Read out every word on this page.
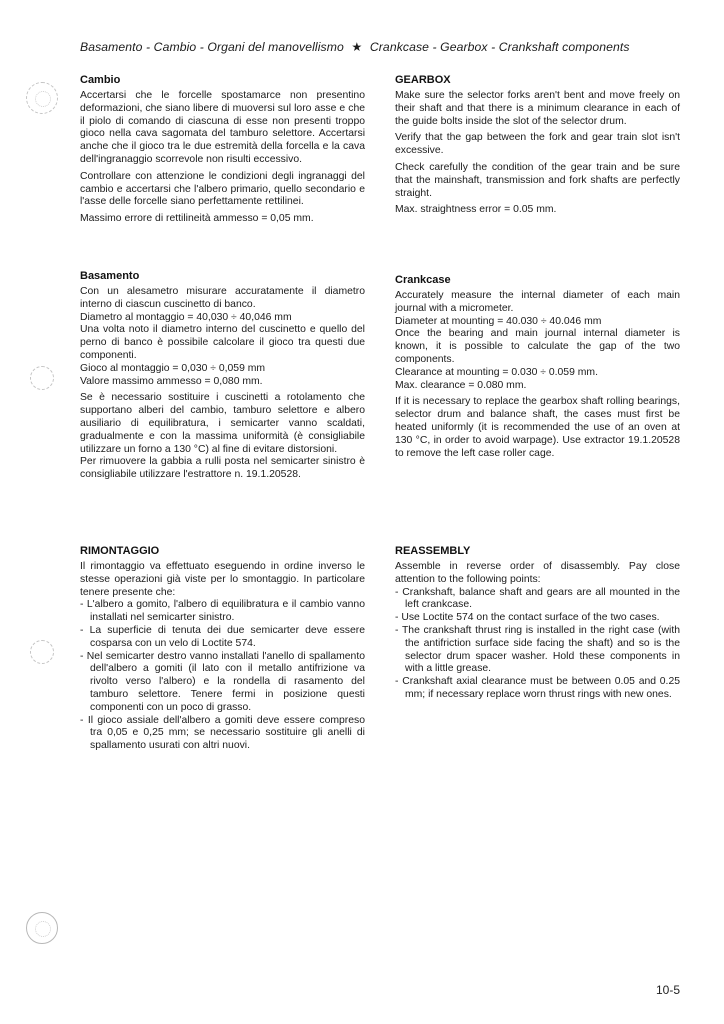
Basamento - Cambio - Organi del manovellismo ★ Crankcase - Gearbox - Crankshaft components
Cambio

Accertarsi che le forcelle spostamarce non presentino deformazioni, che siano libere di muoversi sul loro asse e che il piolo di comando di ciascuna di esse non presenti troppo gioco nella cava sagomata del tamburo selettore. Accertarsi anche che il gioco tra le due estremità della forcella e la cava dell'ingranaggio scorrevole non risulti eccessivo.

Controllare con attenzione le condizioni degli ingranaggi del cambio e accertarsi che l'albero primario, quello secondario e l'asse delle forcelle siano perfettamente rettilinei.

Massimo errore di rettilineità ammesso = 0,05 mm.

GEARBOX

Make sure the selector forks aren't bent and move freely on their shaft and that there is a minimum clearance in each of the guide bolts inside the slot of the selector drum.

Verify that the gap between the fork and gear train slot isn't excessive.

Check carefully the condition of the gear train and be sure that the mainshaft, transmission and fork shafts are perfectly straight.

Max. straightness error = 0.05 mm.

Basamento

Con un alesametro misurare accuratamente il diametro interno di ciascun cuscinetto di banco.

Diametro al montaggio = 40,030 ÷ 40,046 mm

Una volta noto il diametro interno del cuscinetto e quello del perno di banco è possibile calcolare il gioco tra questi due componenti.

Gioco al montaggio = 0,030 ÷ 0,059 mm

Valore massimo ammesso = 0,080 mm.

Se è necessario sostituire i cuscinetti a rotolamento che supportano alberi del cambio, tamburo selettore e albero ausiliario di equilibratura, i semicarter vanno scaldati, gradualmente e con la massima uniformità (è consigliabile utilizzare un forno a 130 °C) al fine di evitare distorsioni.

Per rimuovere la gabbia a rulli posta nel semicarter sinistro è consigliabile utilizzare l'estrattore n. 19.1.20528.

Crankcase

Accurately measure the internal diameter of each main journal with a micrometer.

Diameter at mounting = 40.030 ÷ 40.046 mm

Once the bearing and main journal internal diameter is known, it is possible to calculate the gap of the two components.

Clearance at mounting = 0.030 ÷ 0.059 mm.

Max. clearance = 0.080 mm.

If it is necessary to replace the gearbox shaft rolling bearings, selector drum and balance shaft, the cases must first be heated uniformly (it is recommended the use of an oven at 130 °C, in order to avoid warpage). Use extractor 19.1.20528 to remove the left case roller cage.

RIMONTAGGIO

Il rimontaggio va effettuato eseguendo in ordine inverso le stesse operazioni già viste per lo smontaggio. In particolare tenere presente che:

- L'albero a gomito, l'albero di equilibratura e il cambio vanno installati nel semicarter sinistro.
- La superficie di tenuta dei due semicarter deve essere cosparsa con un velo di Loctite 574.
- Nel semicarter destro vanno installati l'anello di spallamento dell'albero a gomiti (il lato con il metallo antifrizione va rivolto verso l'albero) e la rondella di rasamento del tamburo selettore. Tenere fermi in posizione questi componenti con un poco di grasso.
- Il gioco assiale dell'albero a gomiti deve essere compreso tra 0,05 e 0,25 mm; se necessario sostituire gli anelli di spallamento usurati con altri nuovi.
REASSEMBLY

Assemble in reverse order of disassembly. Pay close attention to the following points:

- Crankshaft, balance shaft and gears are all mounted in the left crankcase.
- Use Loctite 574 on the contact surface of the two cases.
- The crankshaft thrust ring is installed in the right case (with the antifriction surface side facing the shaft) and so is the selector drum spacer washer. Hold these components in with a little grease.
- Crankshaft axial clearance must be between 0.05 and 0.25 mm; if necessary replace worn thrust rings with new ones.
10-5
